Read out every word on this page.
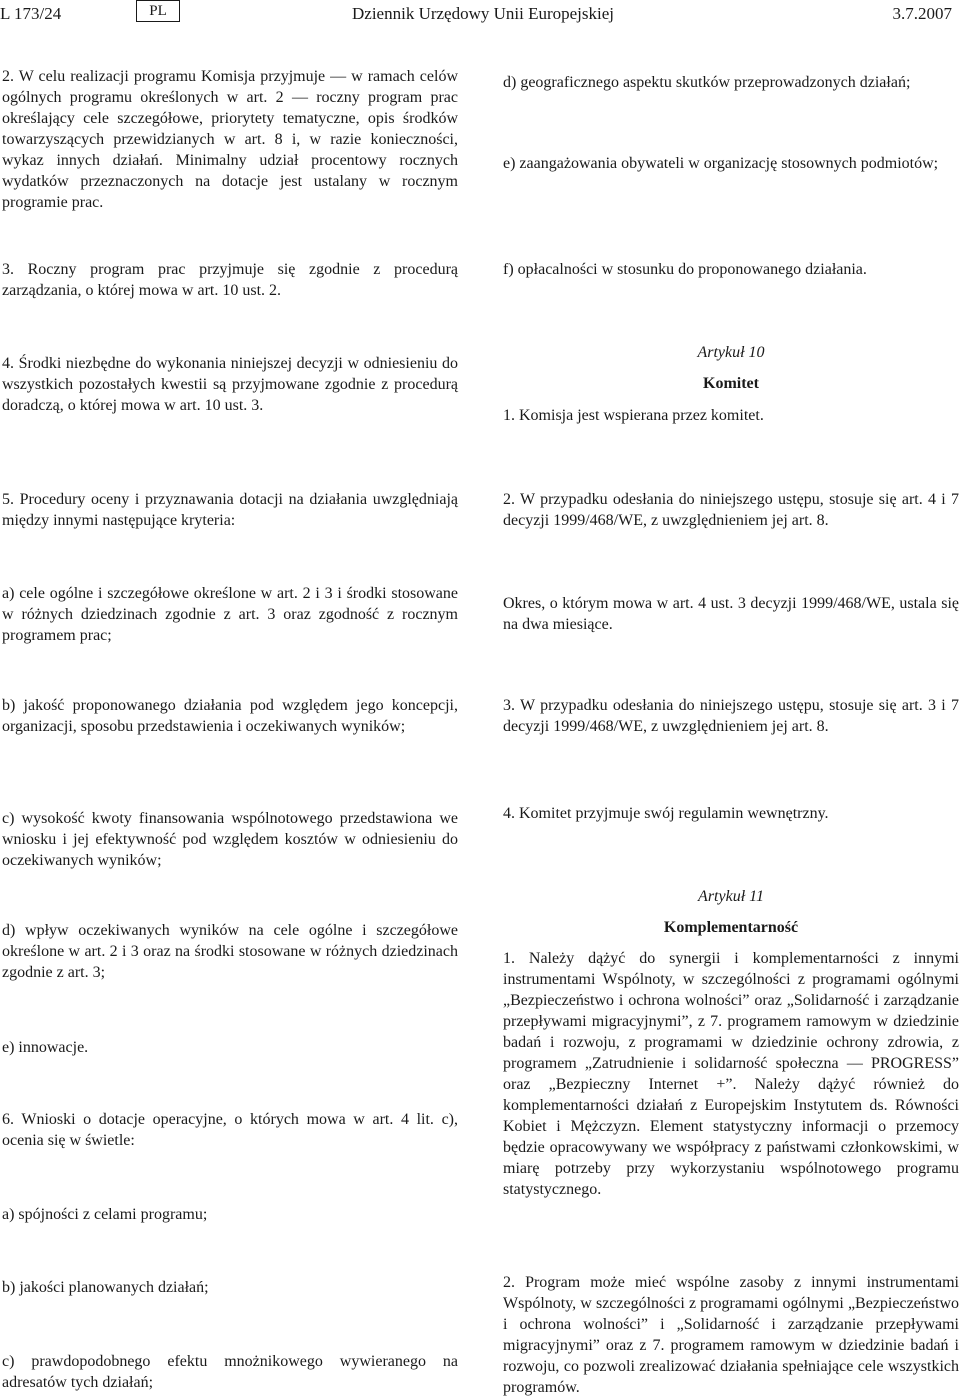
L 173/24	PL	Dziennik Urzędowy Unii Europejskiej	3.7.2007
2. W celu realizacji programu Komisja przyjmuje — w ramach celów ogólnych programu określonych w art. 2 — roczny program prac określający cele szczegółowe, priorytety tematyczne, opis środków towarzyszących przewidzianych w art. 8 i, w razie konieczności, wykaz innych działań. Minimalny udział procentowy rocznych wydatków przeznaczonych na dotacje jest ustalany w rocznym programie prac.
3. Roczny program prac przyjmuje się zgodnie z procedurą zarządzania, o której mowa w art. 10 ust. 2.
4. Środki niezbędne do wykonania niniejszej decyzji w odniesieniu do wszystkich pozostałych kwestii są przyjmowane zgodnie z procedurą doradczą, o której mowa w art. 10 ust. 3.
5. Procedury oceny i przyznawania dotacji na działania uwzględniają między innymi następujące kryteria:
a) cele ogólne i szczegółowe określone w art. 2 i 3 i środki stosowane w różnych dziedzinach zgodnie z art. 3 oraz zgodność z rocznym programem prac;
b) jakość proponowanego działania pod względem jego koncepcji, organizacji, sposobu przedstawienia i oczekiwanych wyników;
c) wysokość kwoty finansowania wspólnotowego przedstawiona we wniosku i jej efektywność pod względem kosztów w odniesieniu do oczekiwanych wyników;
d) wpływ oczekiwanych wyników na cele ogólne i szczegółowe określone w art. 2 i 3 oraz na środki stosowane w różnych dziedzinach zgodnie z art. 3;
e) innowacje.
6. Wnioski o dotacje operacyjne, o których mowa w art. 4 lit. c), ocenia się w świetle:
a) spójności z celami programu;
b) jakości planowanych działań;
c) prawdopodobnego efektu mnożnikowego wywieranego na adresatów tych działań;
d) geograficznego aspektu skutków przeprowadzonych działań;
e) zaangażowania obywateli w organizację stosownych podmiotów;
f) opłacalności w stosunku do proponowanego działania.
Artykuł 10
Komitet
1. Komisja jest wspierana przez komitet.
2. W przypadku odesłania do niniejszego ustępu, stosuje się art. 4 i 7 decyzji 1999/468/WE, z uwzględnieniem jej art. 8.
Okres, o którym mowa w art. 4 ust. 3 decyzji 1999/468/WE, ustala się na dwa miesiące.
3. W przypadku odesłania do niniejszego ustępu, stosuje się art. 3 i 7 decyzji 1999/468/WE, z uwzględnieniem jej art. 8.
4. Komitet przyjmuje swój regulamin wewnętrzny.
Artykuł 11
Komplementarność
1. Należy dążyć do synergii i komplementarności z innymi instrumentami Wspólnoty, w szczególności z programami ogólnymi „Bezpieczeństwo i ochrona wolności” oraz „Solidarność i zarządzanie przepływami migracyjnymi”, z 7. programem ramowym w dziedzinie badań i rozwoju, z programami w dziedzinie ochrony zdrowia, z programem „Zatrudnienie i solidarność społeczna — PROGRESS” oraz „Bezpieczny Internet +”. Należy dążyć również do komplementarności działań z Europejskim Instytutem ds. Równości Kobiet i Mężczyzn. Element statystyczny informacji o przemocy będzie opracowywany we współpracy z państwami członkowskimi, w miarę potrzeby przy wykorzystaniu wspólnotowego programu statystycznego.
2. Program może mieć wspólne zasoby z innymi instrumentami Wspólnoty, w szczególności z programami ogólnymi „Bezpieczeństwo i ochrona wolności” i „Solidarność i zarządzanie przepływami migracyjnymi” oraz z 7. programem ramowym w dziedzinie badań i rozwoju, co pozwoli zrealizować działania spełniające cele wszystkich programów.
